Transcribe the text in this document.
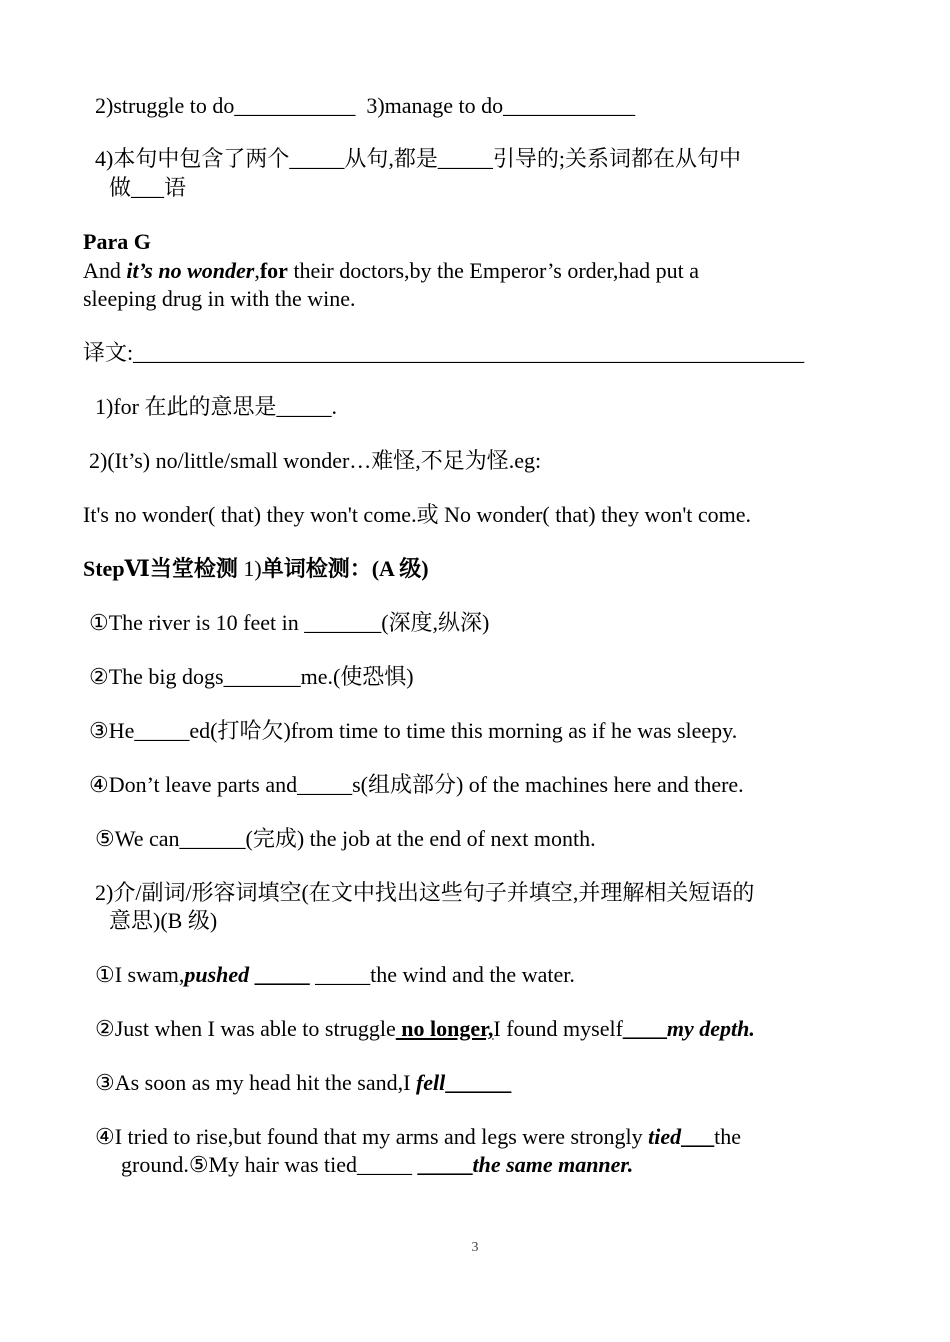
2)struggle to do___________  3)manage to do____________
4)本句中包含了两个_____从句,都是_____引导的;关系词都在从句中
做___语
Para G
And it’s no wonder,for their doctors,by the Emperor’s order,had put a
sleeping drug in with the wine.
译文:_____________________________________________________________
1)for 在此的意思是_____.
2)(It’s) no/little/small wonder…难怪,不足为怪.eg:
It's no wonder( that) they won't come.或 No wonder( that) they won't come.
StepⅥ当堂检测 1)单词检测：(A 级)
①The river is 10 feet in _______(深度,纵深)
②The big dogs_______me.(使恐惧)
③He_____ed(打哈欠)from time to time this morning as if he was sleepy.
④Don’t leave parts and_____s(组成部分) of the machines here and there.
⑤We can______(完成) the job at the end of next month.
2)介/副词/形容词填空(在文中找出这些句子并填空,并理解相关短语的
意思)(B 级)
①I swam,pushed _____ _____the wind and the water.
②Just when I was able to struggle no longer,I found myself____my depth.
③As soon as my head hit the sand,I fell______
④I tried to rise,but found that my arms and legs were strongly tied___the
ground.⑤My hair was tied_____ _____the same manner.
3
